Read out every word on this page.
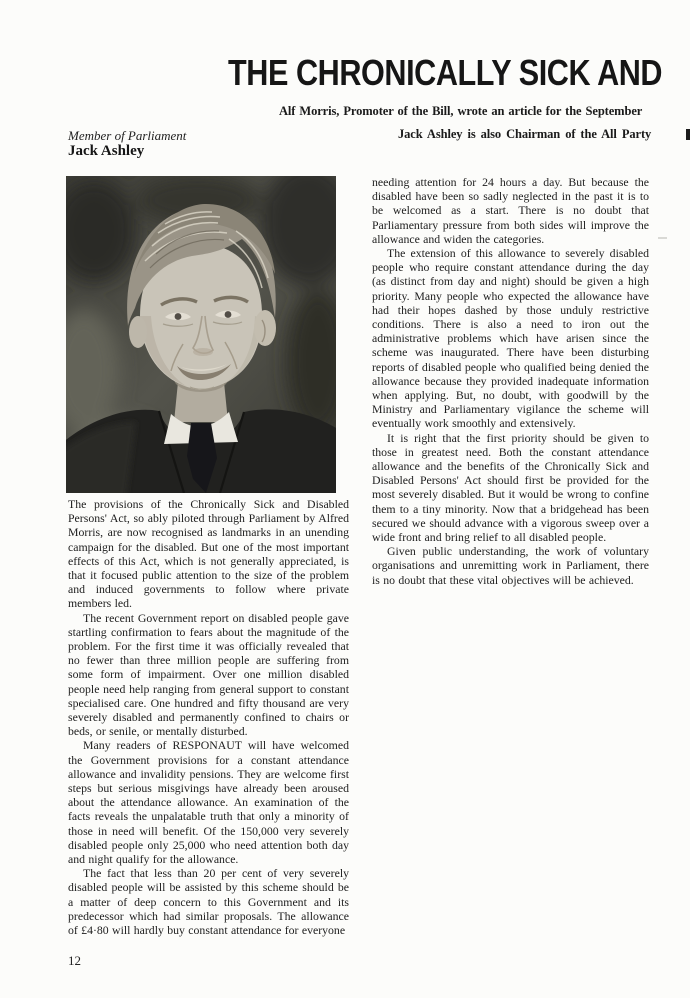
THE CHRONICALLY SICK AND

Alf Morris, Promoter of the Bill, wrote an article for the September

Jack Ashley is also Chairman of the All Party

Member of Parliament
Jack Ashley

The provisions of the Chronically Sick and Disabled Persons' Act, so ably piloted through Parliament by Alfred Morris, are now recognised as landmarks in an unending campaign for the disabled. But one of the most important effects of this Act, which is not generally appreciated, is that it focused public attention to the size of the problem and induced governments to follow where private members led.

The recent Government report on disabled people gave startling confirmation to fears about the magnitude of the problem. For the first time it was officially revealed that no fewer than three million people are suffering from some form of impairment. Over one million disabled people need help ranging from general support to constant specialised care. One hundred and fifty thousand are very severely disabled and permanently confined to chairs or beds, or senile, or mentally disturbed.

Many readers of RESPONAUT will have welcomed the Government provisions for a constant attendance allowance and invalidity pensions. They are welcome first steps but serious misgivings have already been aroused about the attendance allowance. An examination of the facts reveals the unpalatable truth that only a minority of those in need will benefit. Of the 150,000 very severely disabled people only 25,000 who need attention both day and night qualify for the allowance.

The fact that less than 20 per cent of very severely disabled people will be assisted by this scheme should be a matter of deep concern to this Government and its predecessor which had similar proposals. The allowance of £4·80 will hardly buy constant attendance for everyone

needing attention for 24 hours a day. But because the disabled have been so sadly neglected in the past it is to be welcomed as a start. There is no doubt that Parliamentary pressure from both sides will improve the allowance and widen the categories.

The extension of this allowance to severely disabled people who require constant attendance during the day (as distinct from day and night) should be given a high priority. Many people who expected the allowance have had their hopes dashed by those unduly restrictive conditions. There is also a need to iron out the administrative problems which have arisen since the scheme was inaugurated. There have been disturbing reports of disabled people who qualified being denied the allowance because they provided inadequate information when applying. But, no doubt, with goodwill by the Ministry and Parliamentary vigilance the scheme will eventually work smoothly and extensively.

It is right that the first priority should be given to those in greatest need. Both the constant attendance allowance and the benefits of the Chronically Sick and Disabled Persons' Act should first be provided for the most severely disabled. But it would be wrong to confine them to a tiny minority. Now that a bridgehead has been secured we should advance with a vigorous sweep over a wide front and bring relief to all disabled people.

Given public understanding, the work of voluntary organisations and unremitting work in Parliament, there is no doubt that these vital objectives will be achieved.

12
